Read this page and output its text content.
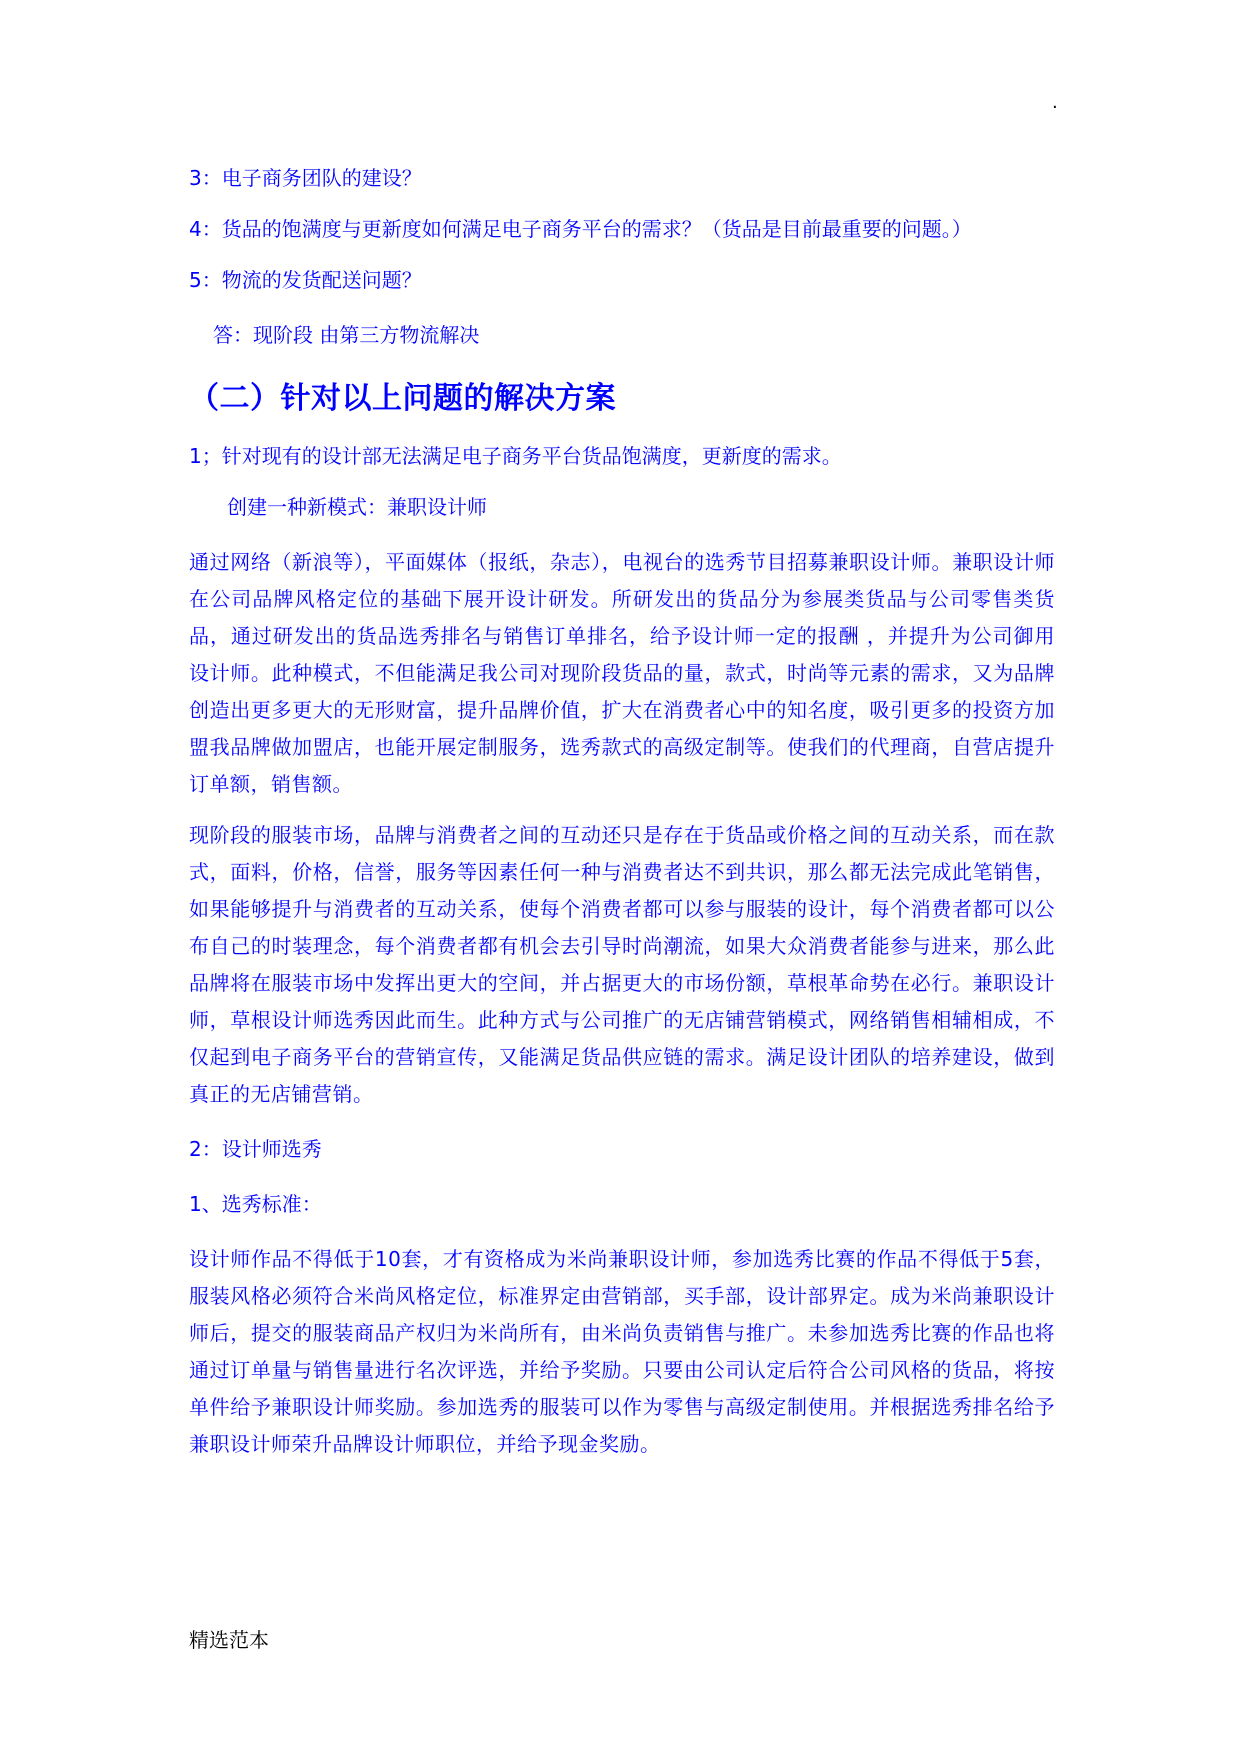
.

3：电子商务团队的建设？

4：货品的饱满度与更新度如何满足电子商务平台的需求？（货品是目前最重要的问题。）

5：物流的发货配送问题？

答：现阶段 由第三方物流解决

（二）针对以上问题的解决方案

1；针对现有的设计部无法满足电子商务平台货品饱满度，更新度的需求。

创建一种新模式：兼职设计师

通过网络（新浪等），平面媒体（报纸，杂志），电视台的选秀节目招募兼职设计师。兼职设计师 在公司品牌风格定位的基础下展开设计研发。所研发出的货品分为参展类货品与公司零售类货品，通过研发出的货品选秀排名与销售订单排名，给予设计师一定的报酬 ，并提升为公司御用设计师。此种模式，不但能满足我公司对现阶段货品的量，款式，时尚等元素的需求，又为品牌创造出更多更大的无形财富，提升品牌价值，扩大在消费者心中的知名度，吸引更多的投资方加盟我品牌做加盟店，也能开展定制服务，选秀款式的高级定制等。使我们的代理商，自营店提升订单额，销售额。

现阶段的服装市场，品牌与消费者之间的互动还只是存在于货品或价格之间的互动关系，而在款式，面料，价格，信誉，服务等因素任何一种与消费者达不到共识，那么都无法完成此笔销售，如果能够提升与消费者的互动关系，使每个消费者都可以参与服装的设计，每个消费者都可以公布自己的时装理念，每个消费者都有机会去引导时尚潮流，如果大众消费者能参与进来，那么此品牌将在服装市场中发挥出更大的空间，并占据更大的市场份额，草根革命势在必行。兼职设计师，草根设计师选秀因此而生。此种方式与公司推广的无店铺营销模式，网络销售相辅相成，不仅起到电子商务平台的营销宣传，又能满足货品供应链的需求。满足设计团队的培养建设，做到真正的无店铺营销。

2：设计师选秀

1、选秀标准：

设计师作品不得低于10套，才有资格成为米尚兼职设计师，参加选秀比赛的作品不得低于5套，服装风格必须符合米尚风格定位，标准界定由营销部，买手部，设计部界定。成为米尚兼职设计师后，提交的服装商品产权归为米尚所有，由米尚负责销售与推广。未参加选秀比赛的作品也将通过订单量与销售量进行名次评选，并给予奖励。只要由公司认定后符合公司风格的货品，将按单件给予兼职设计师奖励。参加选秀的服装可以作为零售与高级定制使用。并根据选秀排名给予兼职设计师荣升品牌设计师职位，并给予现金奖励。

精选范本
